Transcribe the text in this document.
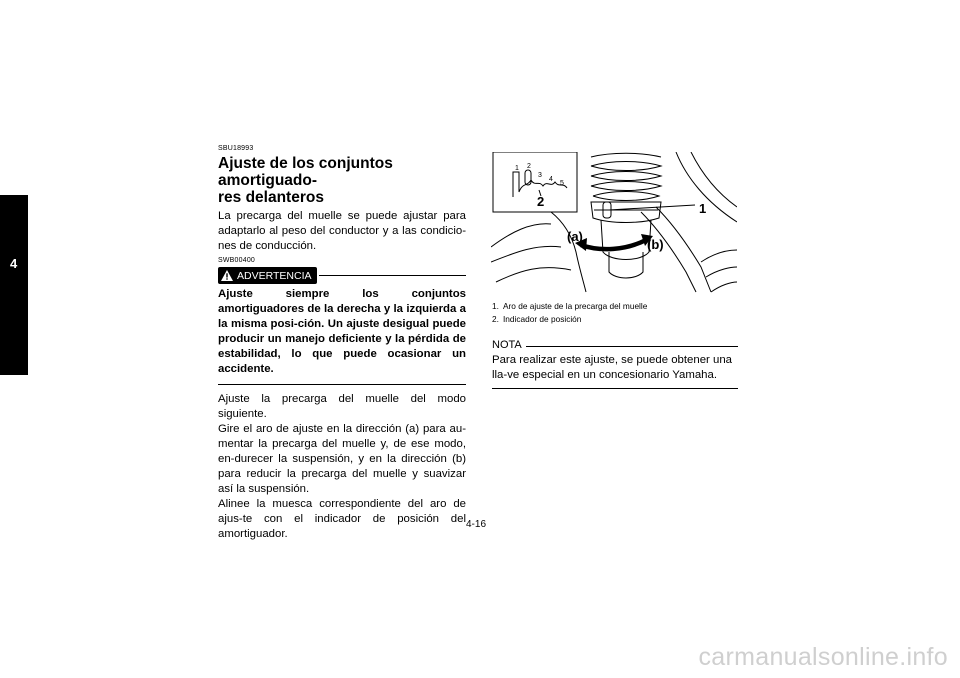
4
SBU18993
Ajuste de los conjuntos amortiguado-
res delanteros

La precarga del muelle se puede ajustar para adaptarlo al peso del conductor y a las condicio-nes de conducción.

SWB00400
ADVERTENCIA

Ajuste siempre los conjuntos amortiguadores de la derecha y la izquierda a la misma posi-ción. Un ajuste desigual puede producir un manejo deficiente y la pérdida de estabilidad, lo que puede ocasionar un accidente.

Ajuste la precarga del muelle del modo siguiente.

Gire el aro de ajuste en la dirección (a) para au-mentar la precarga del muelle y, de ese modo, en-durecer la suspensión, y en la dirección (b) para reducir la precarga del muelle y suavizar así la suspensión.

Alinee la muesca correspondiente del aro de ajus-te con el indicador de posición del amortiguador.

1 2
3
4
5
2	1
(a)
(b)
1. Aro de ajuste de la precarga del muelle
2. Indicador de posición
NOTA

Para realizar este ajuste, se puede obtener una lla-ve especial en un concesionario Yamaha.

4-16
carmanualsonline.info
